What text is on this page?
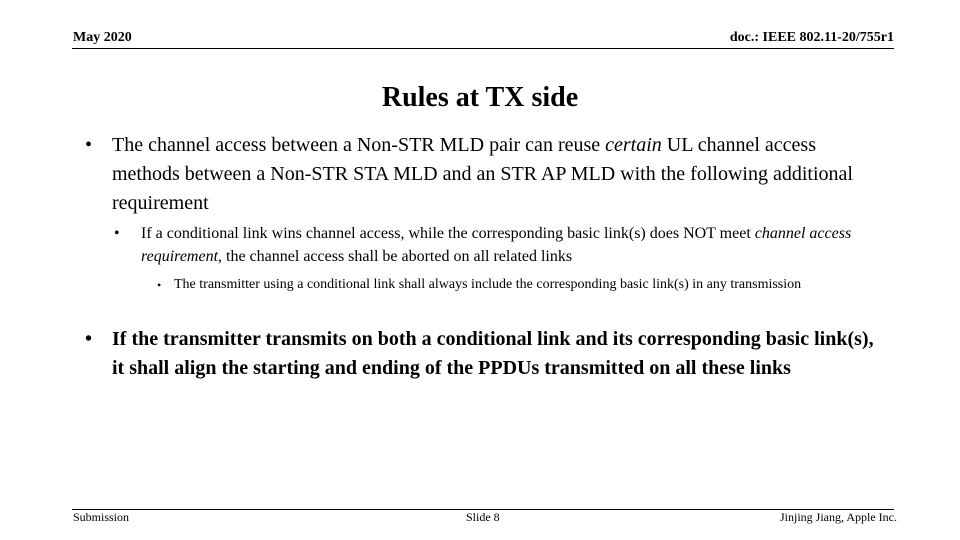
May 2020	doc.: IEEE 802.11-20/755r1
Rules at TX side
• The channel access between a Non-STR MLD pair can reuse certain UL channel access methods between a Non-STR STA MLD and an STR AP MLD with the following additional requirement
• If a conditional link wins channel access, while the corresponding basic link(s) does NOT meet channel access requirement, the channel access shall be aborted on all related links
• The transmitter using a conditional link shall always include the corresponding basic link(s) in any transmission
• If the transmitter transmits on both a conditional link and its corresponding basic link(s), it shall align the starting and ending of the PPDUs transmitted on all these links
Submission	Slide 8	Jinjing Jiang, Apple Inc.
